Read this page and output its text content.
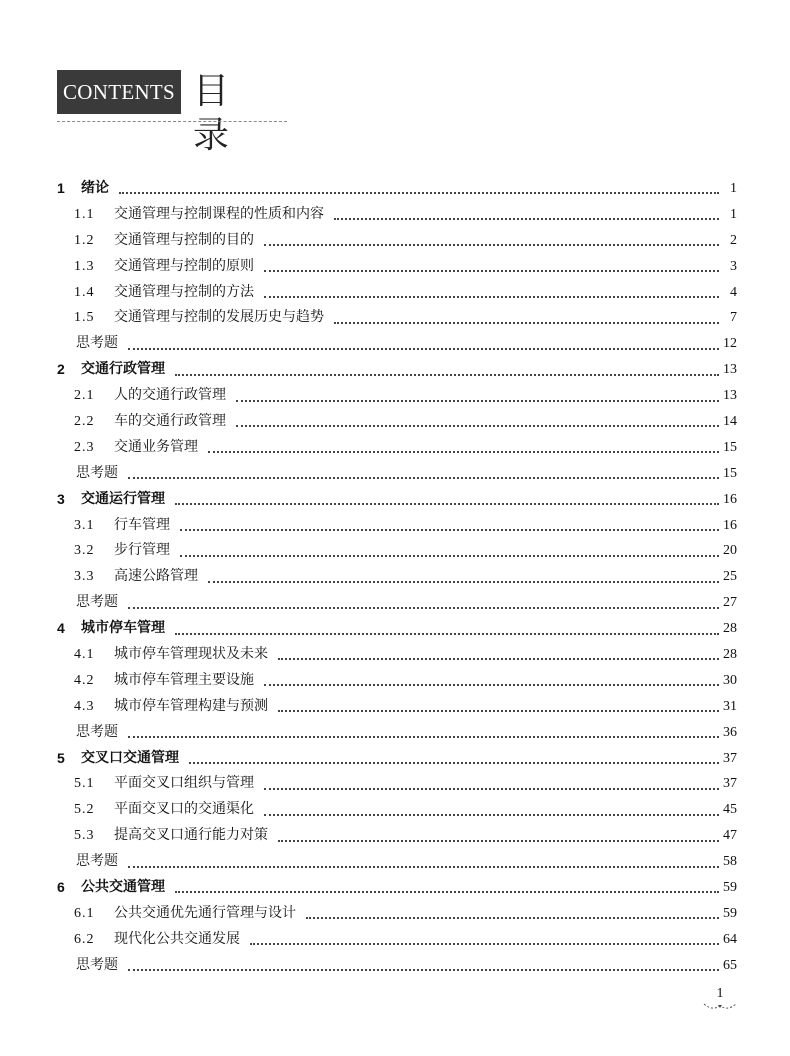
CONTENTS 目录
1	绪论	1
1.1	交通管理与控制课程的性质和内容	1
1.2	交通管理与控制的目的	2
1.3	交通管理与控制的原则	3
1.4	交通管理与控制的方法	4
1.5	交通管理与控制的发展历史与趋势	7
思考题	12
2	交通行政管理	13
2.1	人的交通行政管理	13
2.2	车的交通行政管理	14
2.3	交通业务管理	15
思考题	15
3	交通运行管理	16
3.1	行车管理	16
3.2	步行管理	20
3.3	高速公路管理	25
思考题	27
4	城市停车管理	28
4.1	城市停车管理现状及未来	28
4.2	城市停车管理主要设施	30
4.3	城市停车管理构建与预测	31
思考题	36
5	交叉口交通管理	37
5.1	平面交叉口组织与管理	37
5.2	平面交叉口的交通渠化	45
5.3	提高交叉口通行能力对策	47
思考题	58
6	公共交通管理	59
6.1	公共交通优先通行管理与设计	59
6.2	现代化公共交通发展	64
思考题	65
1
